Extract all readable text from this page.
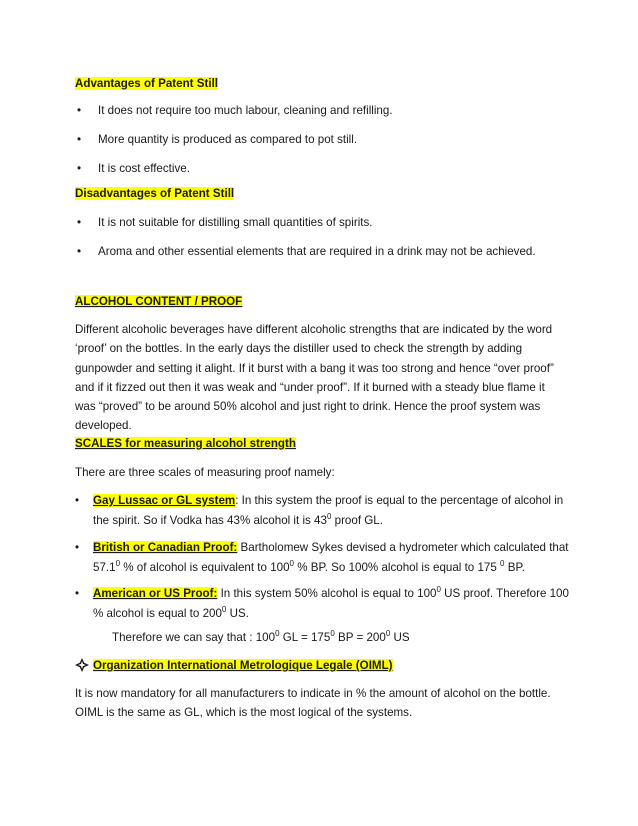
Advantages of Patent Still
• It does not require too much labour, cleaning and refilling.
• More quantity is produced as compared to pot still.
• It is cost effective.
Disadvantages of Patent Still
• It is not suitable for distilling small quantities of spirits.
• Aroma and other essential elements that are required in a drink may not be achieved.
ALCOHOL CONTENT / PROOF
Different alcoholic beverages have different alcoholic strengths that are indicated by the word
‘proof’ on the bottles. In the early days the distiller used to check the strength by adding
gunpowder and setting it alight. If it burst with a bang it was too strong and hence “over proof”
and if it fizzed out then it was weak and “under proof”. If it burned with a steady blue flame it
was “proved” to be around 50% alcohol and just right to drink. Hence the proof system was
developed.
SCALES for measuring alcohol strength
There are three scales of measuring proof namely:
• Gay Lussac or GL system: In this system the proof is equal to the percentage of alcohol in
the spirit. So if Vodka has 43% alcohol it is $43^0$ proof GL.
• British or Canadian Proof: Bartholomew Sykes devised a hydrometer which calculated that
57.1$^0$ % of alcohol is equivalent to $100^0$ % BP. So 100% alcohol is equal to 175 $^0$ BP.
• American or US Proof: In this system 50% alcohol is equal to $100^0$ US proof. Therefore 100
% alcohol is equal to $200^0$ US.
Therefore we can say that : $100^0$ GL = $175^0$ BP = $200^0$ US
Organization International Metrologique Legale (OIML)
It is now mandatory for all manufacturers to indicate in % the amount of alcohol on the bottle.
OIML is the same as GL, which is the most logical of the systems.
